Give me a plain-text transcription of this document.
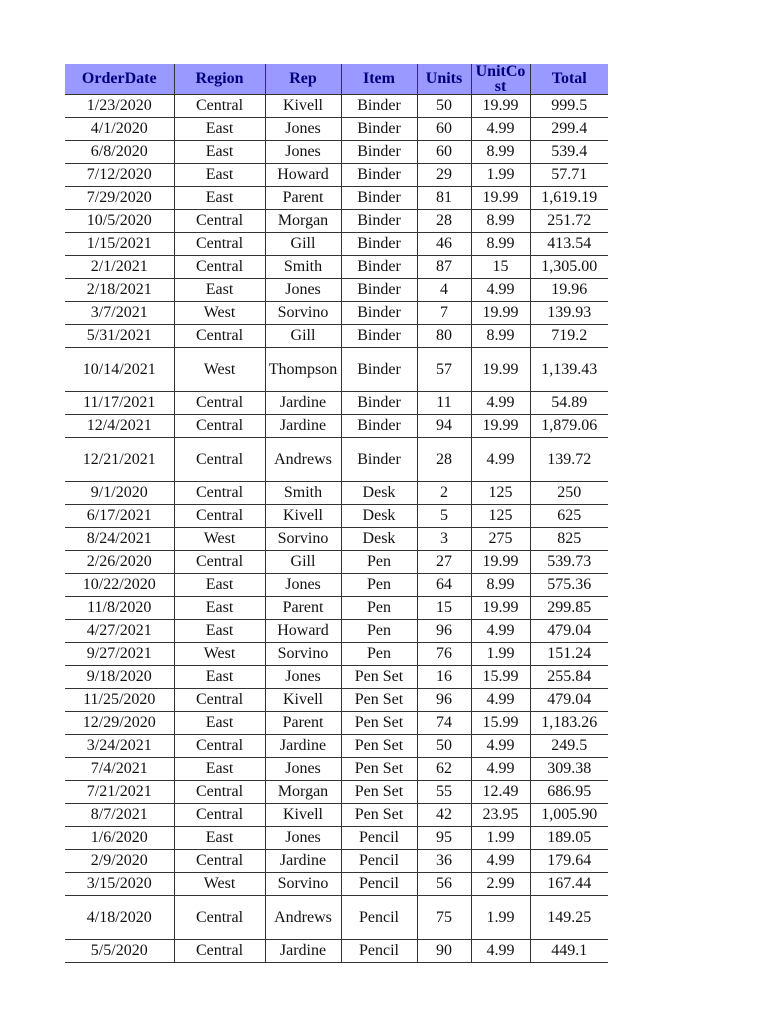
OrderDate	Region	Rep	Item	Units	UnitCost	Total
1/23/2020	Central	Kivell	Binder	50	19.99	999.5
4/1/2020	East	Jones	Binder	60	4.99	299.4
6/8/2020	East	Jones	Binder	60	8.99	539.4
7/12/2020	East	Howard	Binder	29	1.99	57.71
7/29/2020	East	Parent	Binder	81	19.99	1,619.19
10/5/2020	Central	Morgan	Binder	28	8.99	251.72
1/15/2021	Central	Gill	Binder	46	8.99	413.54
2/1/2021	Central	Smith	Binder	87	15	1,305.00
2/18/2021	East	Jones	Binder	4	4.99	19.96
3/7/2021	West	Sorvino	Binder	7	19.99	139.93
5/31/2021	Central	Gill	Binder	80	8.99	719.2
10/14/2021	West	Thompson	Binder	57	19.99	1,139.43
11/17/2021	Central	Jardine	Binder	11	4.99	54.89
12/4/2021	Central	Jardine	Binder	94	19.99	1,879.06
12/21/2021	Central	Andrews	Binder	28	4.99	139.72
9/1/2020	Central	Smith	Desk	2	125	250
6/17/2021	Central	Kivell	Desk	5	125	625
8/24/2021	West	Sorvino	Desk	3	275	825
2/26/2020	Central	Gill	Pen	27	19.99	539.73
10/22/2020	East	Jones	Pen	64	8.99	575.36
11/8/2020	East	Parent	Pen	15	19.99	299.85
4/27/2021	East	Howard	Pen	96	4.99	479.04
9/27/2021	West	Sorvino	Pen	76	1.99	151.24
9/18/2020	East	Jones	Pen Set	16	15.99	255.84
11/25/2020	Central	Kivell	Pen Set	96	4.99	479.04
12/29/2020	East	Parent	Pen Set	74	15.99	1,183.26
3/24/2021	Central	Jardine	Pen Set	50	4.99	249.5
7/4/2021	East	Jones	Pen Set	62	4.99	309.38
7/21/2021	Central	Morgan	Pen Set	55	12.49	686.95
8/7/2021	Central	Kivell	Pen Set	42	23.95	1,005.90
1/6/2020	East	Jones	Pencil	95	1.99	189.05
2/9/2020	Central	Jardine	Pencil	36	4.99	179.64
3/15/2020	West	Sorvino	Pencil	56	2.99	167.44
4/18/2020	Central	Andrews	Pencil	75	1.99	149.25
5/5/2020	Central	Jardine	Pencil	90	4.99	449.1
